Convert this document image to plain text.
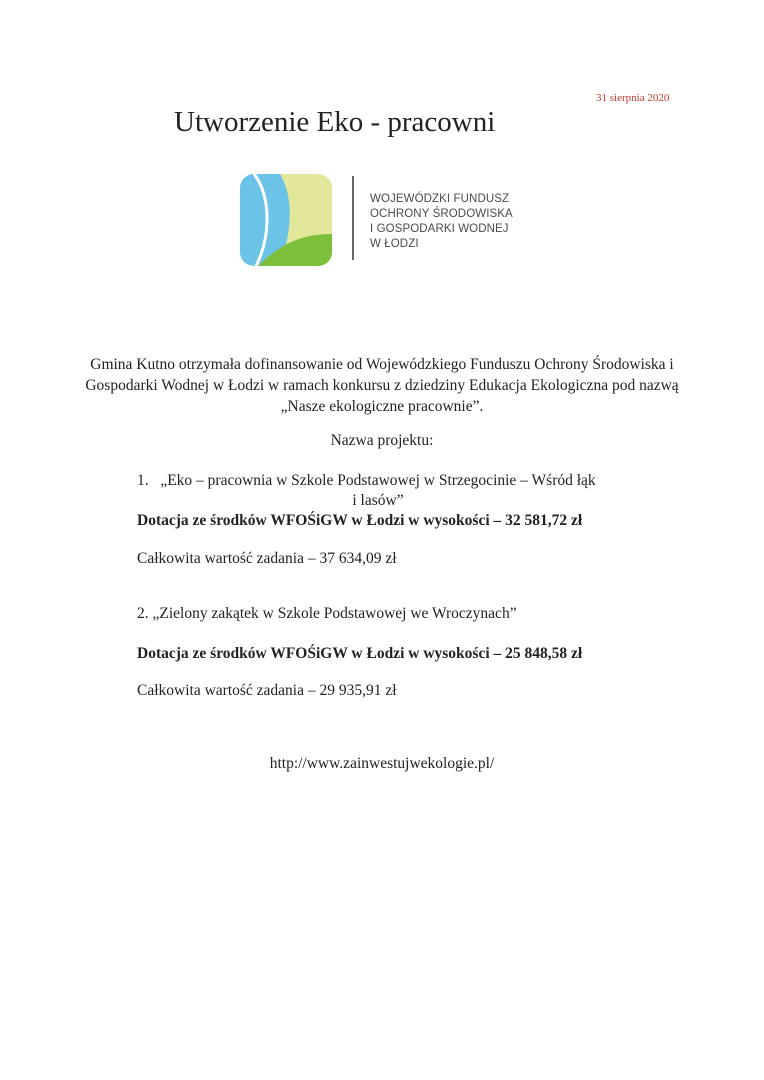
31 sierpnia 2020
Utworzenie Eko - pracowni
WOJEWÓDZKI FUNDUSZ
OCHRONY ŚRODOWISKA
I GOSPODARKI WODNEJ
W ŁODZI

Gmina Kutno otrzymała dofinansowanie od Wojewódzkiego Funduszu Ochrony Środowiska i Gospodarki Wodnej w Łodzi w ramach konkursu z dziedziny Edukacja Ekologiczna pod nazwą „Nasze ekologiczne pracownie”.

Nazwa projektu:
1. „Eko – pracownia w Szkole Podstawowej w Strzegocinie – Wśród łąk i lasów”
Dotacja ze środków WFOŚiGW w Łodzi w wysokości – 32 581,72 zł
Całkowita wartość zadania – 37 634,09 zł
2. „Zielony zakątek w Szkole Podstawowej we Wroczynach”
Dotacja ze środków WFOŚiGW w Łodzi w wysokości – 25 848,58 zł
Całkowita wartość zadania – 29 935,91 zł
http://www.zainwestujwekologie.pl/
